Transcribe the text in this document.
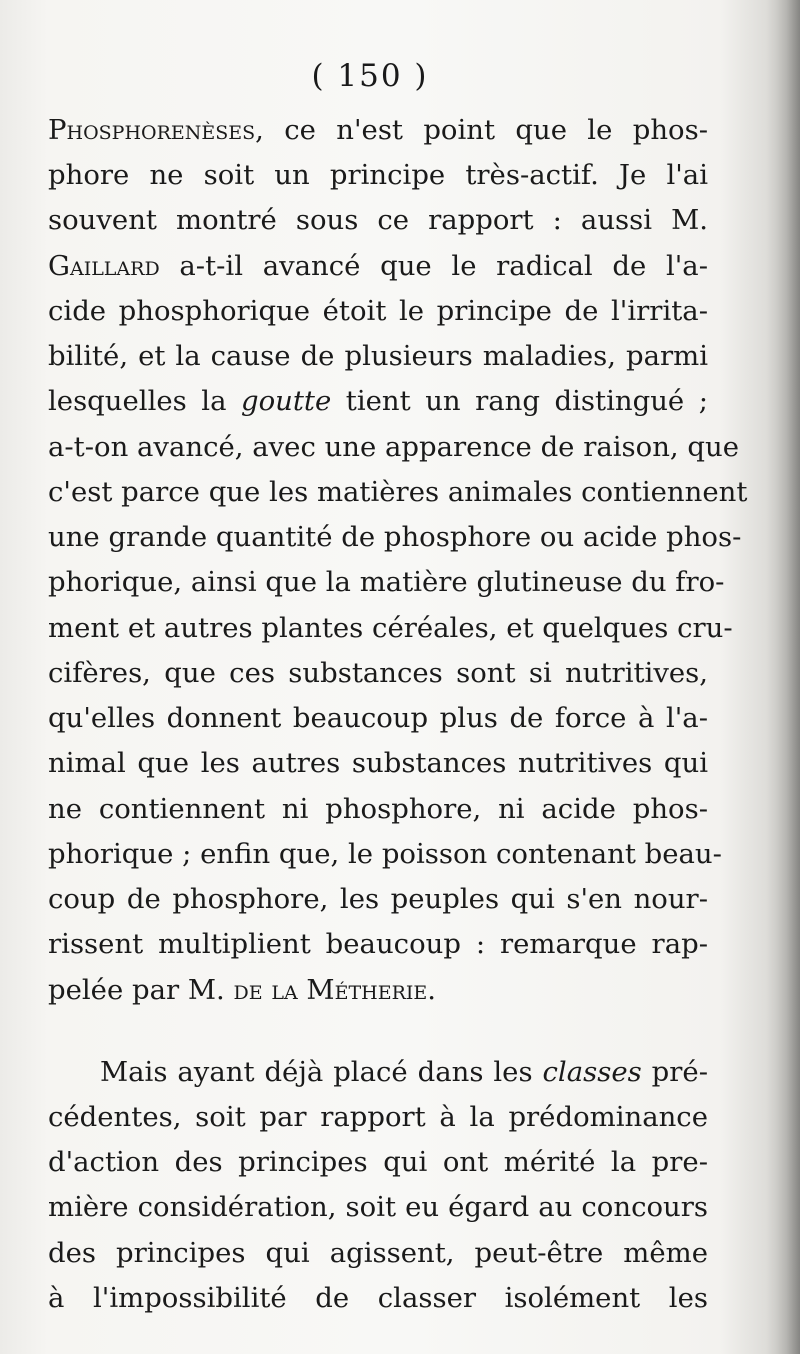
( 150 )
Phosphorenèses, ce n'est point que le phos-
phore ne soit un principe très-actif. Je l'ai
souvent montré sous ce rapport : aussi M.
Gaillard a-t-il avancé que le radical de l'a-
cide phosphorique étoit le principe de l'irrita-
bilité, et la cause de plusieurs maladies, parmi
lesquelles la goutte tient un rang distingué ;
a-t-on avancé, avec une apparence de raison, que
c'est parce que les matières animales contiennent
une grande quantité de phosphore ou acide phos-
phorique, ainsi que la matière glutineuse du fro-
ment et autres plantes céréales, et quelques cru-
cifères, que ces substances sont si nutritives,
qu'elles donnent beaucoup plus de force à l'a-
nimal que les autres substances nutritives qui
ne contiennent ni phosphore, ni acide phos-
phorique ; enfin que, le poisson contenant beau-
coup de phosphore, les peuples qui s'en nour-
rissent multiplient beaucoup : remarque rap-
pelée par M. de la Métherie.
Mais ayant déjà placé dans les classes pré-
cédentes, soit par rapport à la prédominance
d'action des principes qui ont mérité la pre-
mière considération, soit eu égard au concours
des principes qui agissent, peut-être même
à l'impossibilité de classer isolément les
